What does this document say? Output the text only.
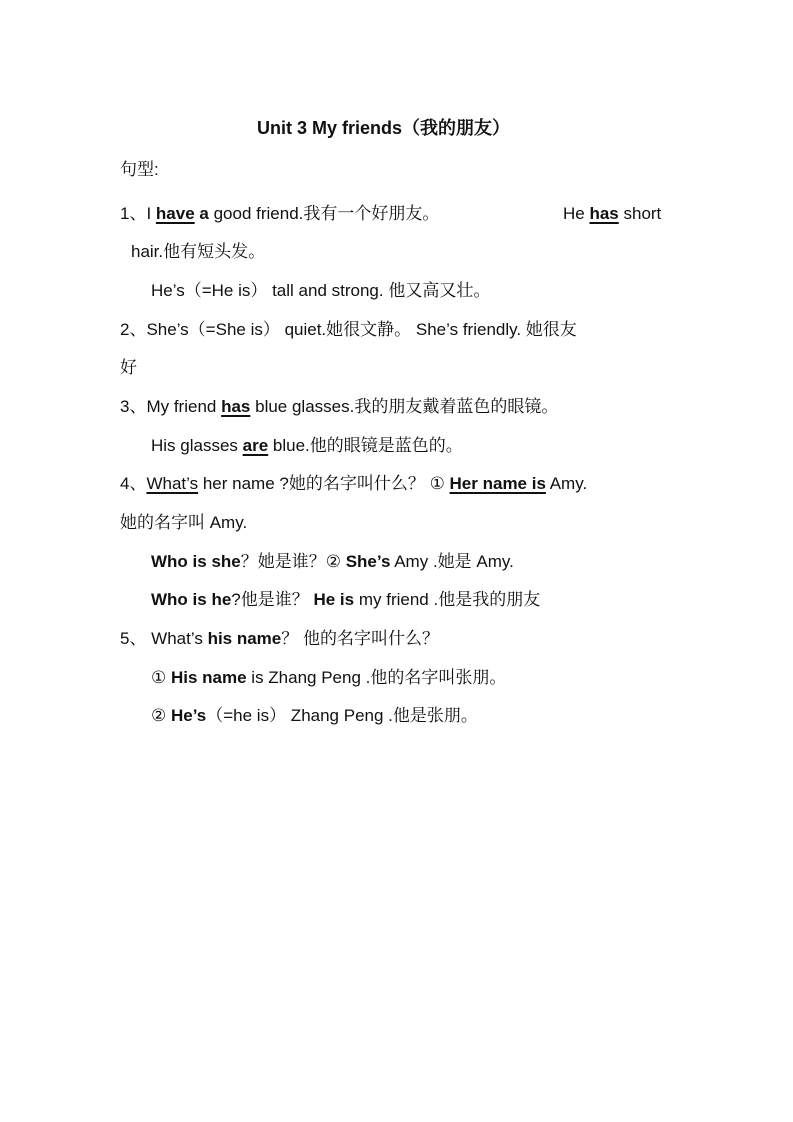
Unit 3 My friends（我的朋友）
句型:
1、I have a good friend.我有一个好朋友。	He has short
hair.他有短头发。
He’s（=He is） tall and strong. 他又高又壮。
2、She’s（=She is） quiet.她很文静。 She’s friendly. 她很友
好
3、My friend has blue glasses.我的朋友戴着蓝色的眼镜。
His glasses are blue.他的眼镜是蓝色的。
4、What’s her name ?她的名字叫什么？ ① Her name is Amy.
她的名字叫 Amy.
Who is she？她是谁？② She’s Amy .她是 Amy.
Who is he?他是谁？ He is my friend .他是我的朋友
5、 What’s his name？ 他的名字叫什么？
① His name is Zhang Peng .他的名字叫张朋。
② He’s（=he is） Zhang Peng .他是张朋。
